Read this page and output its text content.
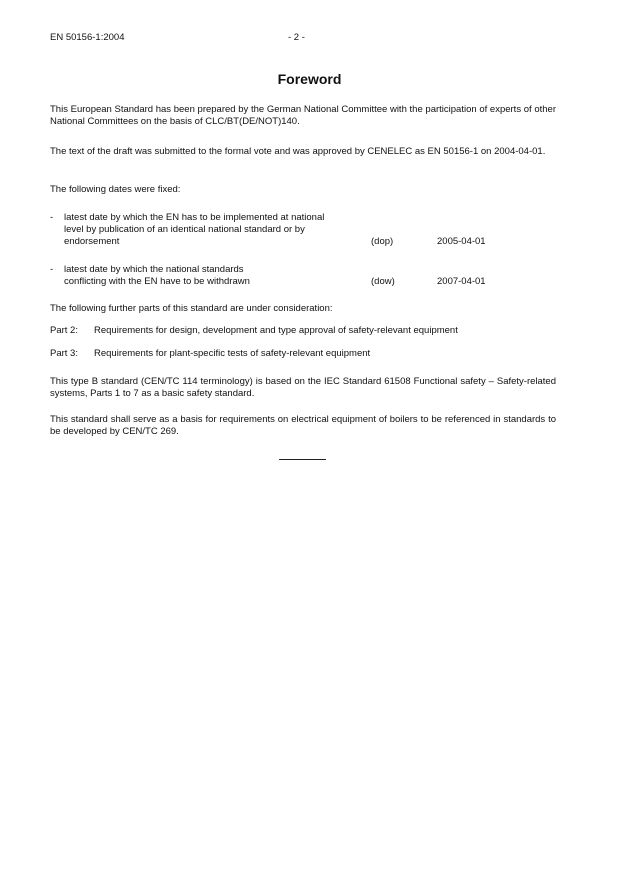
EN 50156-1:2004	- 2 -
Foreword

This European Standard has been prepared by the German National Committee with the participation of experts of other National Committees on the basis of CLC/BT(DE/NOT)140.

The text of the draft was submitted to the formal vote and was approved by CENELEC as EN 50156-1 on 2004-04-01.

The following dates were fixed:

- latest date by which the EN has to be implemented at national
level by publication of an identical national standard or by
endorsement	(dop)	2005-04-01
- latest date by which the national standards
conflicting with the EN have to be withdrawn	(dow)	2007-04-01

The following further parts of this standard are under consideration:

Part 2: Requirements for design, development and type approval of safety-relevant equipment
Part 3: Requirements for plant-specific tests of safety-relevant equipment

This type B standard (CEN/TC 114 terminology) is based on the IEC Standard 61508 Functional safety – Safety-related systems, Parts 1 to 7 as a basic safety standard.

This standard shall serve as a basis for requirements on electrical equipment of boilers to be referenced in standards to be developed by CEN/TC 269.
